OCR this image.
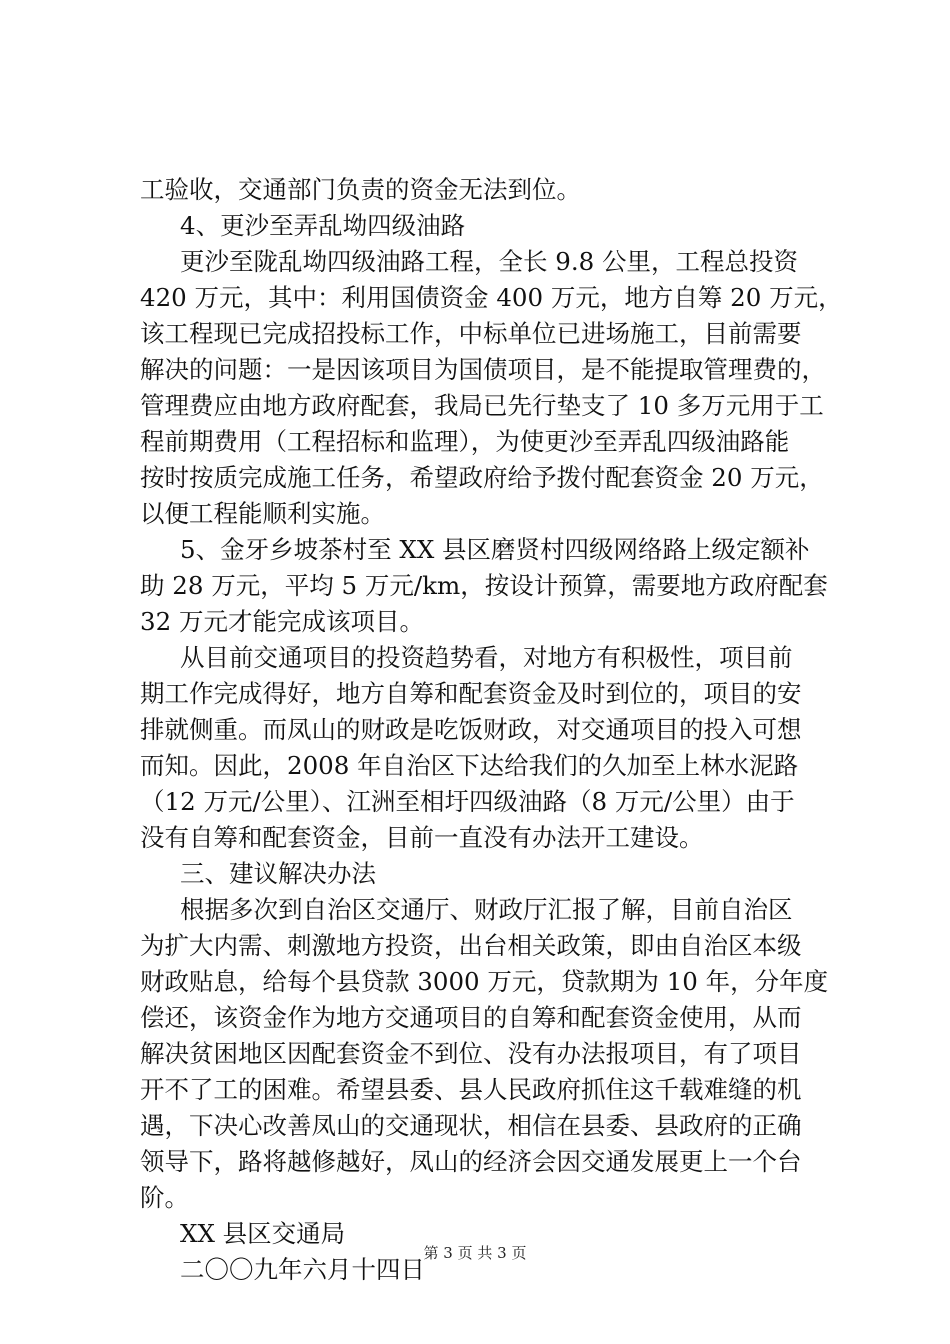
工验收，交通部门负责的资金无法到位。
4、更沙至弄乱坳四级油路
更沙至陇乱坳四级油路工程，全长 9.8 公里，工程总投资
420 万元，其中：利用国债资金 400 万元，地方自筹 20 万元，
该工程现已完成招投标工作，中标单位已进场施工，目前需要
解决的问题：一是因该项目为国债项目，是不能提取管理费的，
管理费应由地方政府配套，我局已先行垫支了 10 多万元用于工
程前期费用（工程招标和监理），为使更沙至弄乱四级油路能
按时按质完成施工任务，希望政府给予拨付配套资金 20 万元，
以便工程能顺利实施。
5、金牙乡坡茶村至 XX 县区磨贤村四级网络路上级定额补
助 28 万元，平均 5 万元/km，按设计预算，需要地方政府配套
32 万元才能完成该项目。
从目前交通项目的投资趋势看，对地方有积极性，项目前
期工作完成得好，地方自筹和配套资金及时到位的，项目的安
排就侧重。而凤山的财政是吃饭财政，对交通项目的投入可想
而知。因此，2008 年自治区下达给我们的久加至上林水泥路
（12 万元/公里）、江洲至相圩四级油路（8 万元/公里）由于
没有自筹和配套资金，目前一直没有办法开工建设。
三、建议解决办法
根据多次到自治区交通厅、财政厅汇报了解，目前自治区
为扩大内需、刺激地方投资，出台相关政策，即由自治区本级
财政贴息，给每个县贷款 3000 万元，贷款期为 10 年，分年度
偿还，该资金作为地方交通项目的自筹和配套资金使用，从而
解决贫困地区因配套资金不到位、没有办法报项目，有了项目
开不了工的困难。希望县委、县人民政府抓住这千载难缝的机
遇，下决心改善凤山的交通现状，相信在县委、县政府的正确
领导下，路将越修越好，凤山的经济会因交通发展更上一个台
阶。
XX 县区交通局
二〇〇九年六月十四日
第 3 页 共 3 页
